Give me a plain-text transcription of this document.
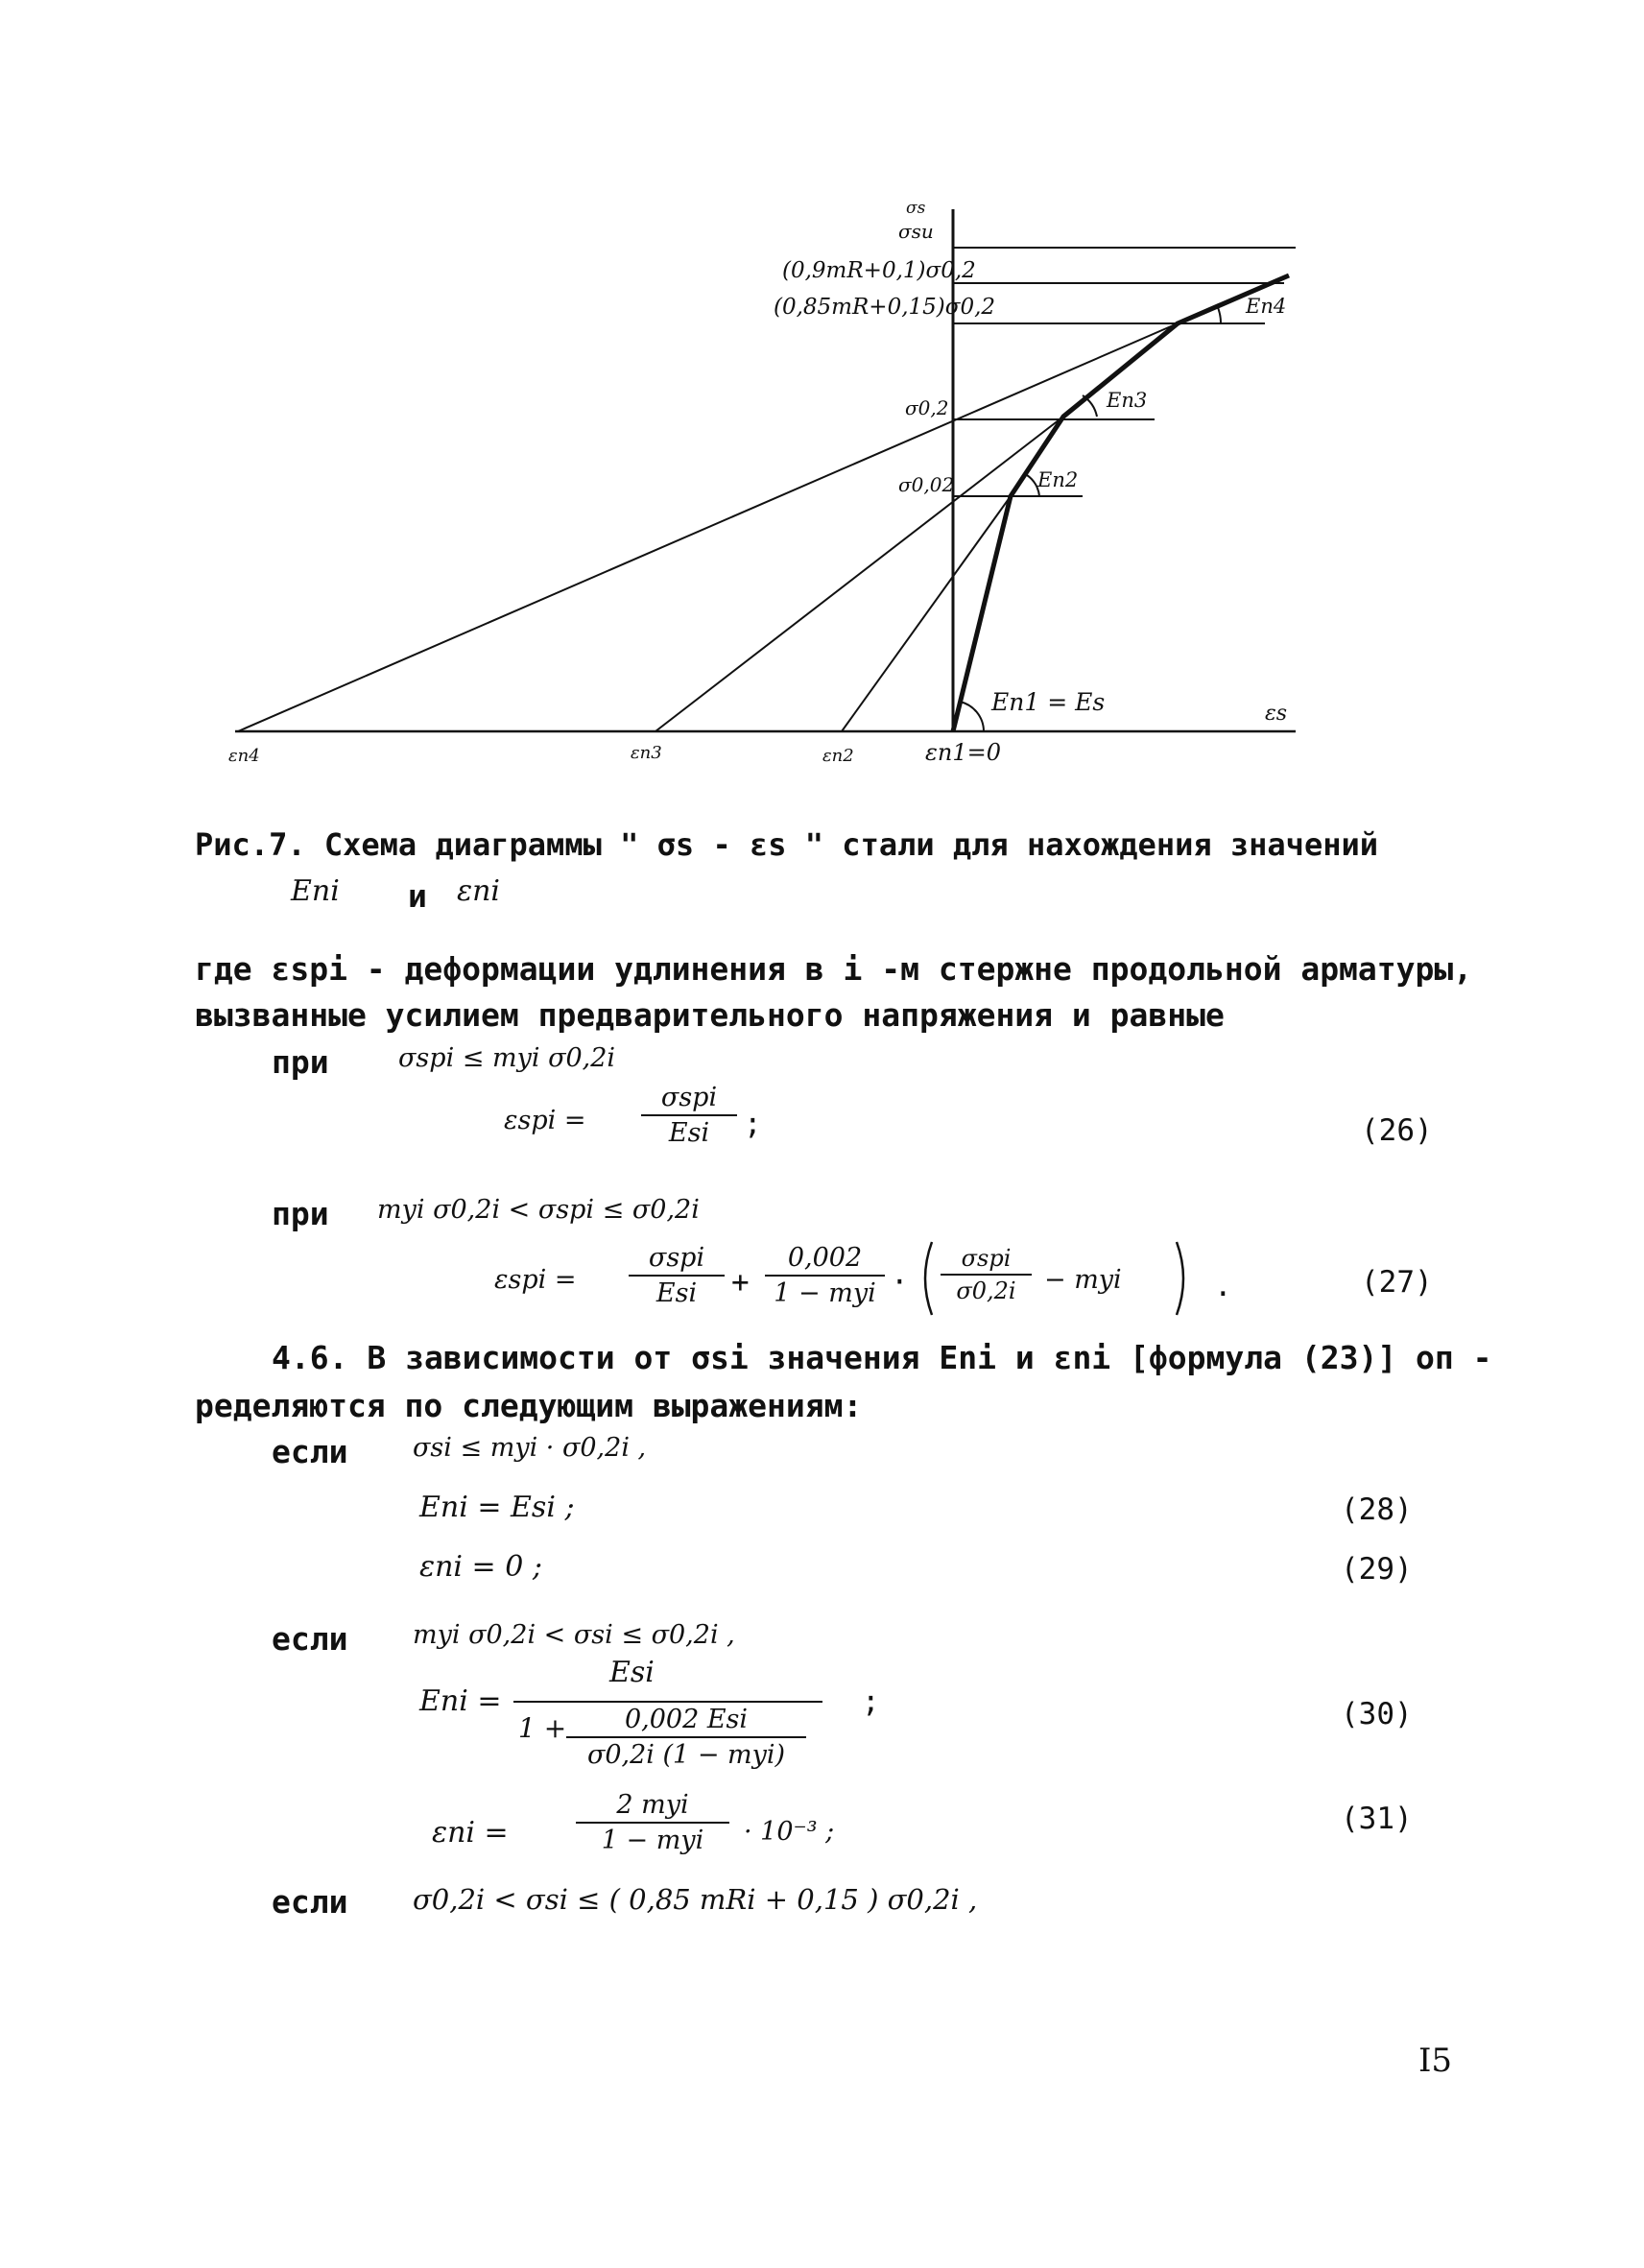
σs
σsu
(0,9mR+0,1)σ0,2
(0,85mR+0,15)σ0,2
σ0,2
σ0,02
En4
En3
En2
En1 = Es	εs
εn4	εn3	εn2	εn1=0
Рис.7. Схема диаграммы " σs - εs " стали для нахождения значений
Eni и εni
где εspi - деформации удлинения в i -м стержне продольной арматуры,
вызванные усилием предварительного напряжения и равные
при	σspi ≤ myi σ0,2i
εspi =
σspi
Esi	;	(26)
при myi σ0,2i < σspi ≤ σ0,2i
εspi =
σspi
Esi	+
0,002
1 − myi ·
σspi
σ0,2i	− myi	.	(27)
4.6. В зависимости от σsi значения Eni и εni [формула (23)] оп -
ределяются по следующим выражениям:
если	σsi ≤ myi · σ0,2i ,
Eni = Esi ;	(28)
εni = 0 ;	(29)
если	myi σ0,2i < σsi ≤ σ0,2i ,
Eni =
Esi
1 +	0,002 Esi
σ0,2i (1 − myi)
;	(30)
εni =
2 myi
1 − myi	· 10⁻³ ;	(31)
если σ0,2i < σsi ≤ ( 0,85 mRi + 0,15 ) σ0,2i ,
I5
